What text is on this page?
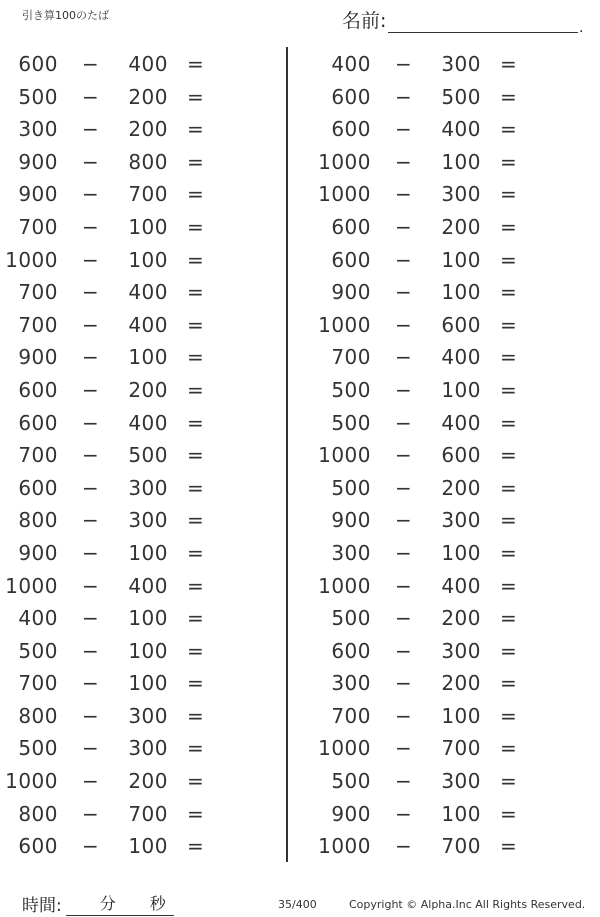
引き算100のたば	名前:	.
600 −	400 =
500 −	200 =
300 −	200 =
900 −	800 =
900 −	700 =
700 −	100 =
1000 −	100 =
700 −	400 =
700 −	400 =
900 −	100 =
600 −	200 =
600 −	400 =
700 −	500 =
600 −	300 =
800 −	300 =
900 −	100 =
1000 −	400 =
400 −	100 =
500 −	100 =
700 −	100 =
800 −	300 =
500 −	300 =
1000 −	200 =
800 −	700 =
600 −	100 =
400 −	300 =
600 −	500 =
600 −	400 =
1000 −	100 =
1000 −	300 =
600 −	200 =
600 −	100 =
900 −	100 =
1000 −	600 =
700 −	400 =
500 −	100 =
500 −	400 =
1000 −	600 =
500 −	200 =
900 −	300 =
300 −	100 =
1000 −	400 =
500 −	200 =
600 −	300 =
300 −	200 =
700 −	100 =
1000 −	700 =
500 −	300 =
900 −	100 =
1000 −	700 =
時間: 分 秒	35/400	Copyright © Alpha.Inc All Rights Reserved.
